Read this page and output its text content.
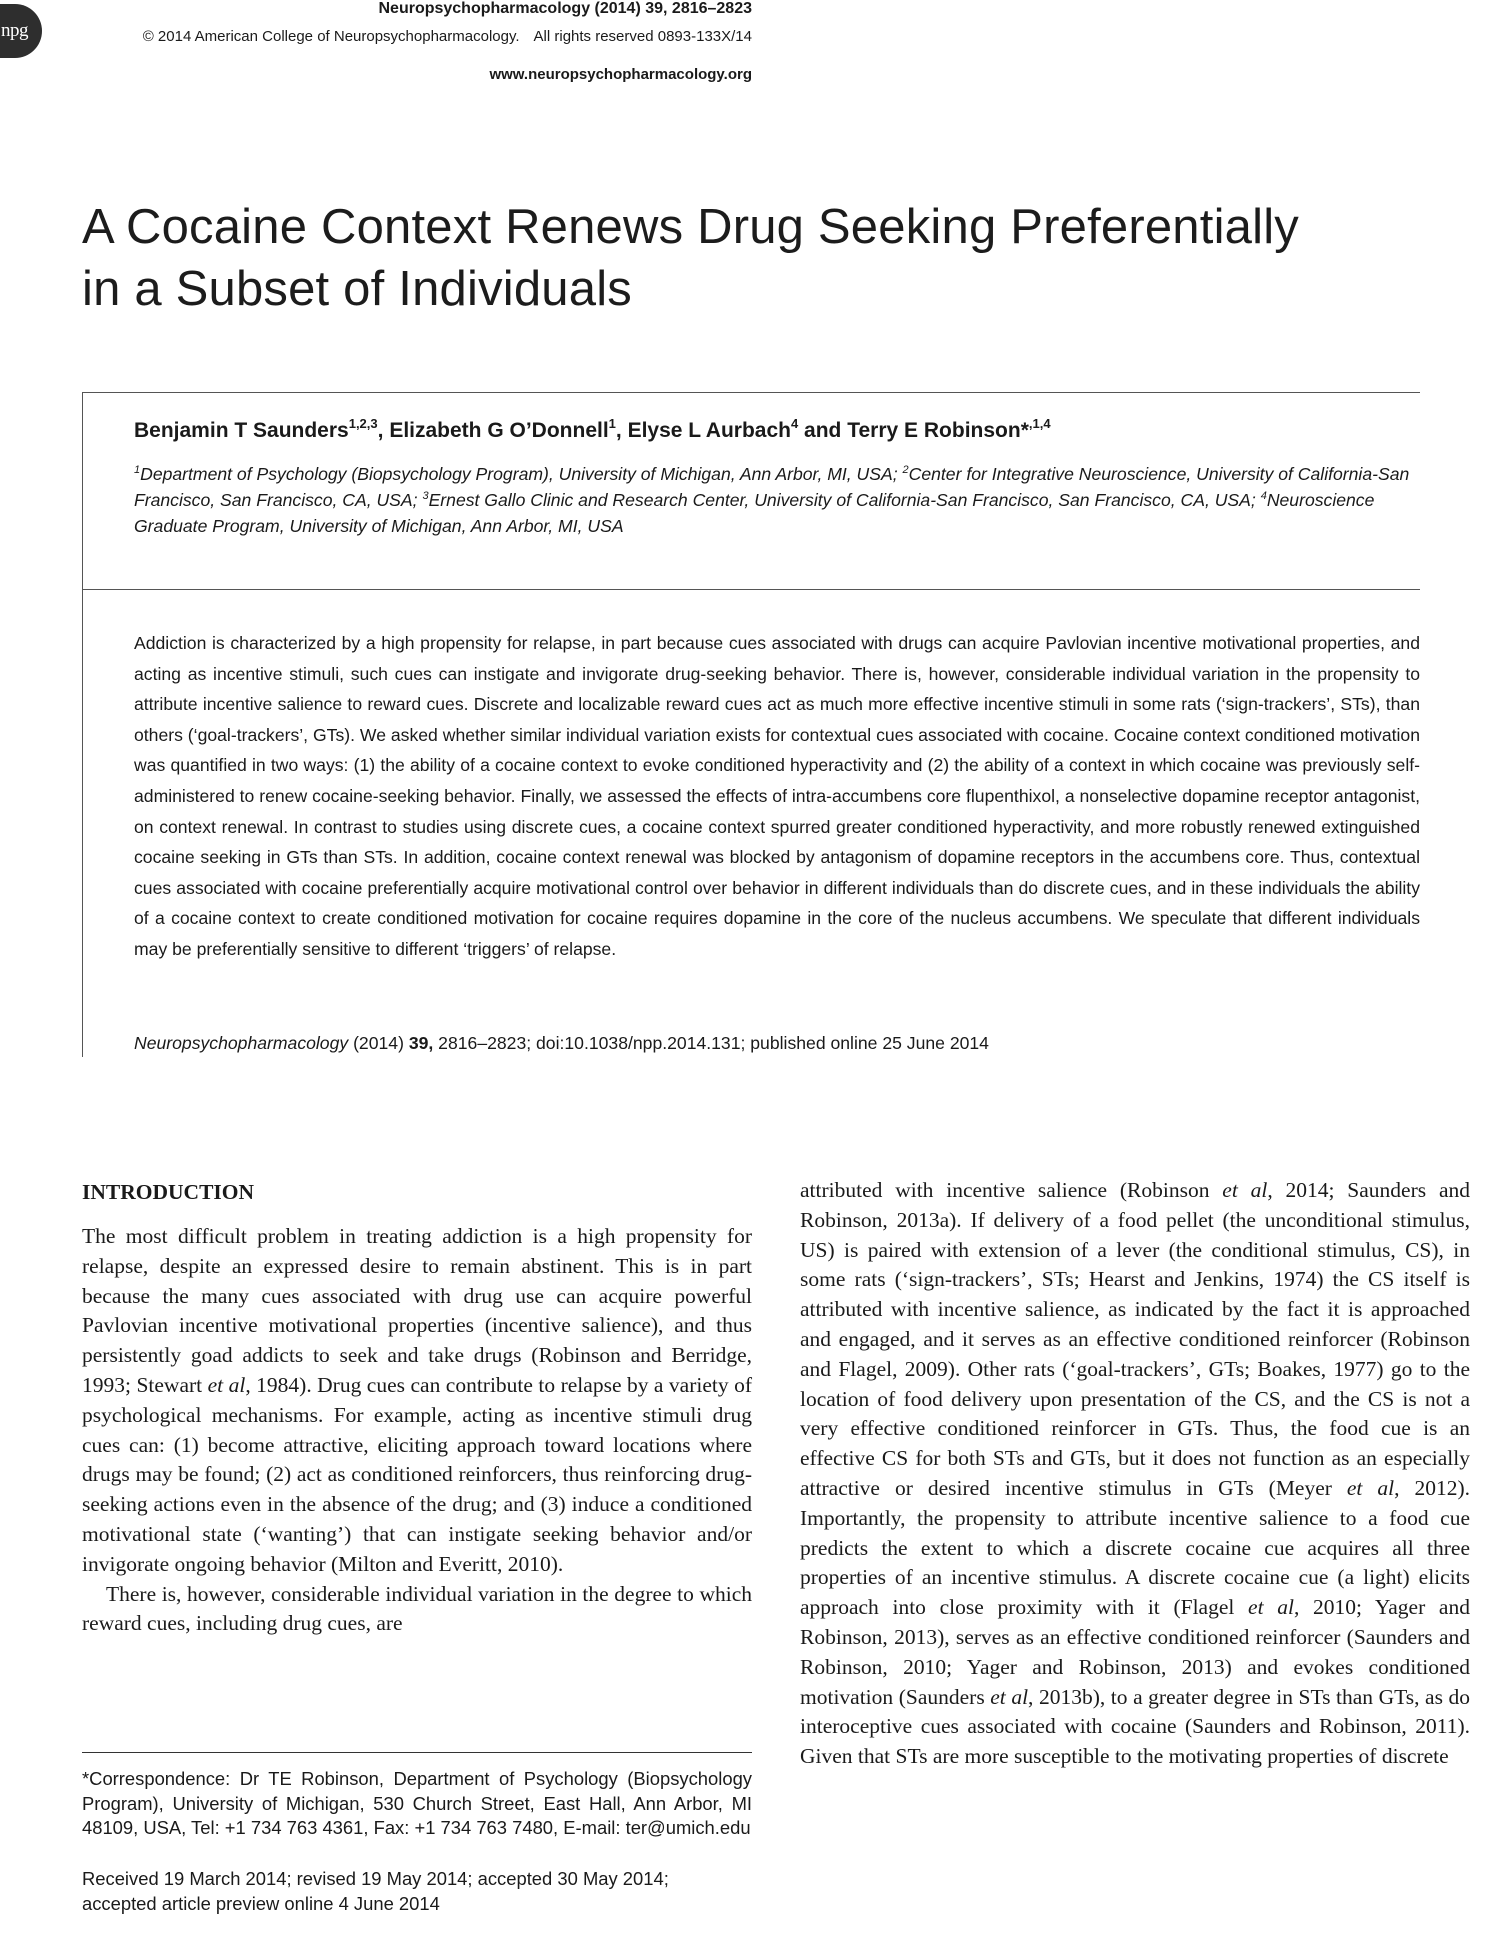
npg
Neuropsychopharmacology (2014) 39, 2816–2823
© 2014 American College of Neuropsychopharmacology. All rights reserved 0893-133X/14
www.neuropsychopharmacology.org
A Cocaine Context Renews Drug Seeking Preferentially
in a Subset of Individuals
Benjamin T Saunders$^{1,2,3}$, Elizabeth G O’Donnell$^1$, Elyse L Aurbach$^4$ and Terry E Robinson*$^{,1,4}$
$^1$Department of Psychology (Biopsychology Program), University of Michigan, Ann Arbor, MI, USA; $^2$Center for Integrative Neuroscience, University of California-San Francisco, San Francisco, CA, USA; $^3$Ernest Gallo Clinic and Research Center, University of California-San Francisco, San Francisco, CA, USA; $^4$Neuroscience Graduate Program, University of Michigan, Ann Arbor, MI, USA
Addiction is characterized by a high propensity for relapse, in part because cues associated with drugs can acquire Pavlovian incentive motivational properties, and acting as incentive stimuli, such cues can instigate and invigorate drug-seeking behavior. There is, however, considerable individual variation in the propensity to attribute incentive salience to reward cues. Discrete and localizable reward cues act as much more effective incentive stimuli in some rats (‘sign-trackers’, STs), than others (‘goal-trackers’, GTs). We asked whether similar individual variation exists for contextual cues associated with cocaine. Cocaine context conditioned motivation was quantified in two ways: (1) the ability of a cocaine context to evoke conditioned hyperactivity and (2) the ability of a context in which cocaine was previously self-administered to renew cocaine-seeking behavior. Finally, we assessed the effects of intra-accumbens core flupenthixol, a nonselective dopamine receptor antagonist, on context renewal. In contrast to studies using discrete cues, a cocaine context spurred greater conditioned hyperactivity, and more robustly renewed extinguished cocaine seeking in GTs than STs. In addition, cocaine context renewal was blocked by antagonism of dopamine receptors in the accumbens core. Thus, contextual cues associated with cocaine preferentially acquire motivational control over behavior in different individuals than do discrete cues, and in these individuals the ability of a cocaine context to create conditioned motivation for cocaine requires dopamine in the core of the nucleus accumbens. We speculate that different individuals may be preferentially sensitive to different ‘triggers’ of relapse.
Neuropsychopharmacology (2014) 39, 2816–2823; doi:10.1038/npp.2014.131; published online 25 June 2014
INTRODUCTION

The most difficult problem in treating addiction is a high propensity for relapse, despite an expressed desire to remain abstinent. This is in part because the many cues associated with drug use can acquire powerful Pavlovian incentive motivational properties (incentive salience), and thus persistently goad addicts to seek and take drugs (Robinson and Berridge, 1993; Stewart et al, 1984). Drug cues can contribute to relapse by a variety of psychological mechanisms. For example, acting as incentive stimuli drug cues can: (1) become attractive, eliciting approach toward locations where drugs may be found; (2) act as conditioned reinforcers, thus reinforcing drug-seeking actions even in the absence of the drug; and (3) induce a conditioned motivational state (‘wanting’) that can instigate seeking behavior and/or invigorate ongoing behavior (Milton and Everitt, 2010).

There is, however, considerable individual variation in the degree to which reward cues, including drug cues, are

*Correspondence: Dr TE Robinson, Department of Psychology (Biopsychology Program), University of Michigan, 530 Church Street, East Hall, Ann Arbor, MI 48109, USA, Tel: +1 734 763 4361, Fax: +1 734 763 7480, E-mail: ter@umich.edu
Received 19 March 2014; revised 19 May 2014; accepted 30 May 2014;
accepted article preview online 4 June 2014

attributed with incentive salience (Robinson et al, 2014; Saunders and Robinson, 2013a). If delivery of a food pellet (the unconditional stimulus, US) is paired with extension of a lever (the conditional stimulus, CS), in some rats (‘sign-trackers’, STs; Hearst and Jenkins, 1974) the CS itself is attributed with incentive salience, as indicated by the fact it is approached and engaged, and it serves as an effective conditioned reinforcer (Robinson and Flagel, 2009). Other rats (‘goal-trackers’, GTs; Boakes, 1977) go to the location of food delivery upon presentation of the CS, and the CS is not a very effective conditioned reinforcer in GTs. Thus, the food cue is an effective CS for both STs and GTs, but it does not function as an especially attractive or desired incentive stimulus in GTs (Meyer et al, 2012). Importantly, the propensity to attribute incentive salience to a food cue predicts the extent to which a discrete cocaine cue acquires all three properties of an incentive stimulus. A discrete cocaine cue (a light) elicits approach into close proximity with it (Flagel et al, 2010; Yager and Robinson, 2013), serves as an effective conditioned reinforcer (Saunders and Robinson, 2010; Yager and Robinson, 2013) and evokes conditioned motivation (Saunders et al, 2013b), to a greater degree in STs than GTs, as do interoceptive cues associated with cocaine (Saunders and Robinson, 2011). Given that STs are more susceptible to the motivating properties of discrete
